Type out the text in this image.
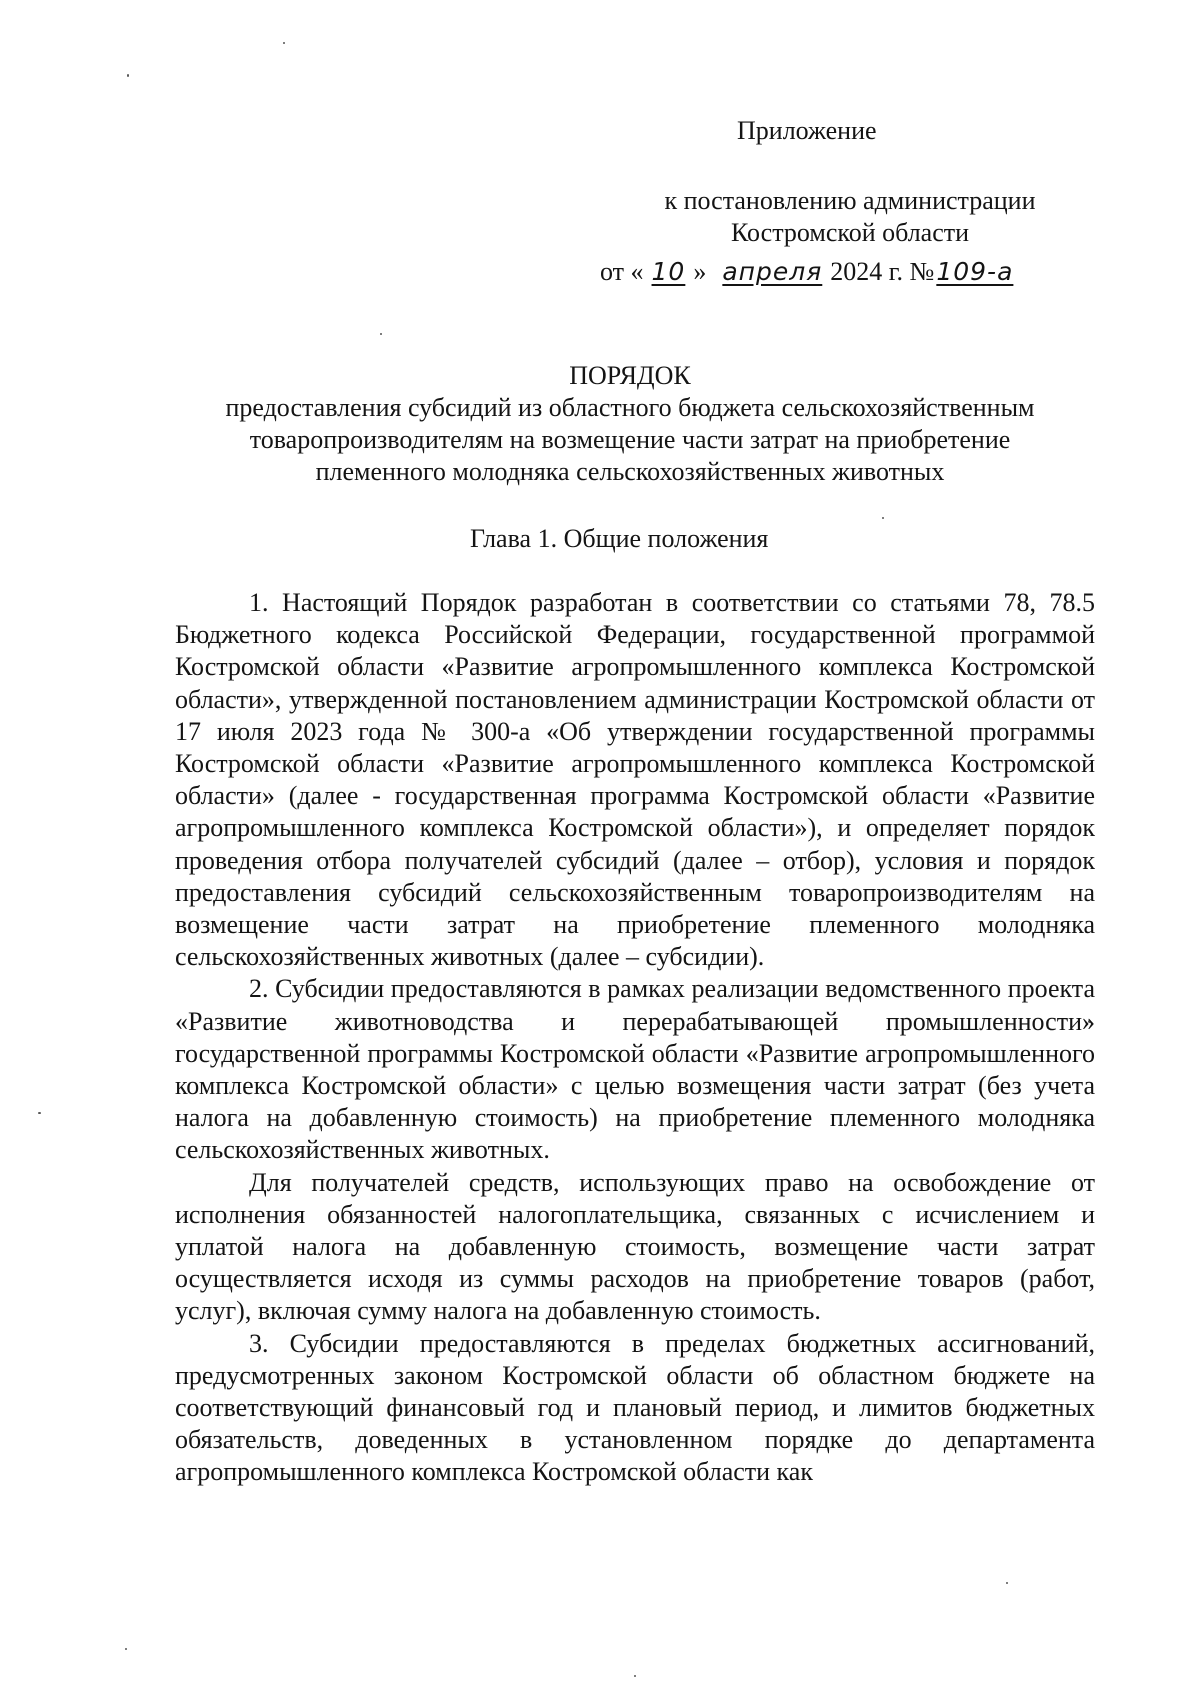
Приложение
к постановлению администрации
Костромской области
от « 10 » апреля 2024 г. №109-а
ПОРЯДОК
предоставления субсидий из областного бюджета сельскохозяйственным
товаропроизводителям на возмещение части затрат на приобретение
племенного молодняка сельскохозяйственных животных
Глава 1. Общие положения

1. Настоящий Порядок разработан в соответствии со статьями 78, 78.5 Бюджетного кодекса Российской Федерации, государственной программой Костромской области «Развитие агропромышленного комплекса Костромской области», утвержденной постановлением администрации Костромской области от 17 июля 2023 года № 300-а «Об утверждении государственной программы Костромской области «Развитие агропромышленного комплекса Костромской области» (далее - государственная программа Костромской области «Развитие агропромышленного комплекса Костромской области»), и определяет порядок проведения отбора получателей субсидий (далее – отбор), условия и порядок предоставления субсидий сельскохозяйственным товаропроизводителям на возмещение части затрат на приобретение племенного молодняка сельскохозяйственных животных (далее – субсидии).

2. Субсидии предоставляются в рамках реализации ведомственного проекта «Развитие животноводства и перерабатывающей промышленности» государственной программы Костромской области «Развитие агропромышленного комплекса Костромской области» с целью возмещения части затрат (без учета налога на добавленную стоимость) на приобретение племенного молодняка сельскохозяйственных животных.

Для получателей средств, использующих право на освобождение от исполнения обязанностей налогоплательщика, связанных с исчислением и уплатой налога на добавленную стоимость, возмещение части затрат осуществляется исходя из суммы расходов на приобретение товаров (работ, услуг), включая сумму налога на добавленную стоимость.

3. Субсидии предоставляются в пределах бюджетных ассигнований, предусмотренных законом Костромской области об областном бюджете на соответствующий финансовый год и плановый период, и лимитов бюджетных обязательств, доведенных в установленном порядке до департамента агропромышленного комплекса Костромской области как
